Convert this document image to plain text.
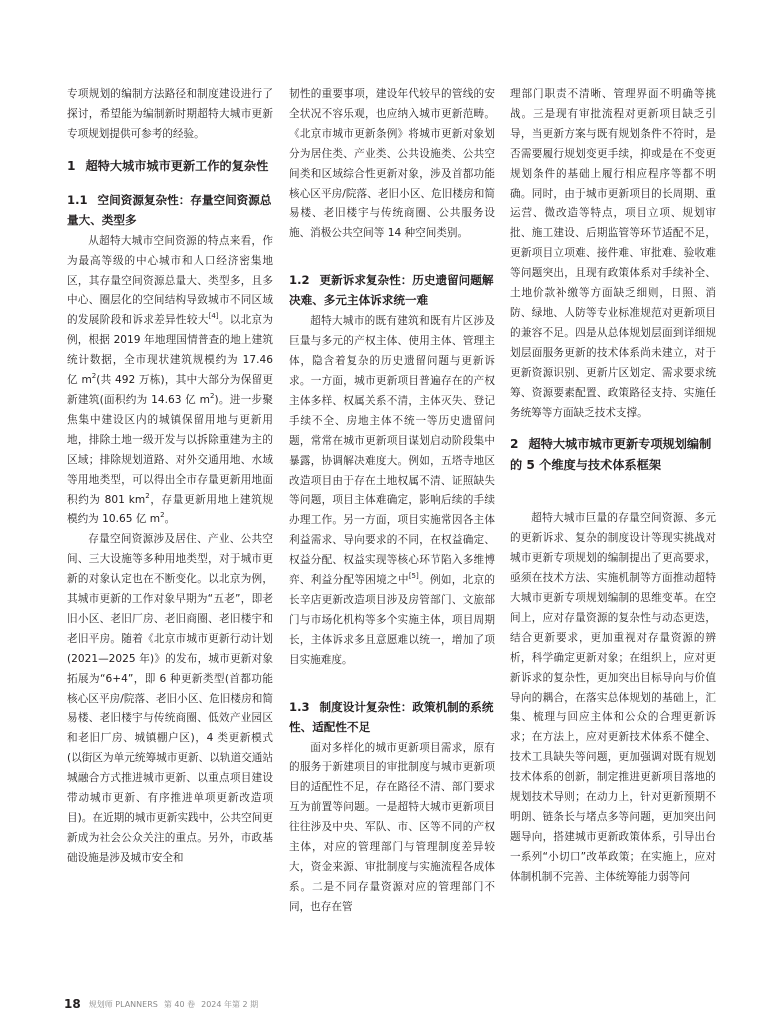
专项规划的编制方法路径和制度建设进行了探讨，希望能为编制新时期超特大城市更新专项规划提供可参考的经验。

1 超特大城市城市更新工作的复杂性
1.1 空间资源复杂性：存量空间资源总量大、类型多

从超特大城市空间资源的特点来看，作为最高等级的中心城市和人口经济密集地区，其存量空间资源总量大、类型多，且多中心、圈层化的空间结构导致城市不同区域的发展阶段和诉求差异性较大[4]。以北京为例，根据 2019 年地理国情普查的地上建筑统计数据，全市现状建筑规模约为 17.46 亿 $m^2$(共 492 万栋)，其中大部分为保留更新建筑(面积约为 14.63 亿 $m^2$)。进一步聚焦集中建设区内的城镇保留用地与更新用地，排除土地一级开发与以拆除重建为主的区域；排除规划道路、对外交通用地、水域等用地类型，可以得出全市存量更新用地面积约为 801 $km^2$，存量更新用地上建筑规模约为 10.65 亿 $m^2$。

存量空间资源涉及居住、产业、公共空间、三大设施等多种用地类型，对于城市更新的对象认定也在不断变化。以北京为例，其城市更新的工作对象早期为“五老”，即老旧小区、老旧厂房、老旧商圈、老旧楼宇和老旧平房。随着《北京市城市更新行动计划(2021—2025 年)》的发布，城市更新对象拓展为“6+4”，即 6 种更新类型(首都功能核心区平房/院落、老旧小区、危旧楼房和简易楼、老旧楼宇与传统商圈、低效产业园区和老旧厂房、城镇棚户区)，4 类更新模式(以街区为单元统筹城市更新、以轨道交通站城融合方式推进城市更新、以重点项目建设带动城市更新、有序推进单项更新改造项目)。在近期的城市更新实践中，公共空间更新成为社会公众关注的重点。另外，市政基础设施是涉及城市安全和

韧性的重要事项，建设年代较早的管线的安全状况不容乐观，也应纳入城市更新范畴。《北京市城市更新条例》将城市更新对象划分为居住类、产业类、公共设施类、公共空间类和区域综合性更新对象，涉及首都功能核心区平房/院落、老旧小区、危旧楼房和简易楼、老旧楼宇与传统商圈、公共服务设施、消极公共空间等 14 种空间类别。

1.2 更新诉求复杂性：历史遗留问题解决难、多元主体诉求统一难

超特大城市的既有建筑和既有片区涉及巨量与多元的产权主体、使用主体、管理主体，隐含着复杂的历史遗留问题与更新诉求。一方面，城市更新项目普遍存在的产权主体多样、权属关系不清，主体灭失、登记手续不全、房地主体不统一等历史遗留问题，常常在城市更新项目谋划启动阶段集中暴露，协调解决难度大。例如，五塔寺地区改造项目由于存在土地权属不清、证照缺失等问题，项目主体难确定，影响后续的手续办理工作。另一方面，项目实施常因各主体利益需求、导向要求的不同，在权益确定、权益分配、权益实现等核心环节陷入多维博弈、利益分配等困境之中[5]。例如，北京的长辛店更新改造项目涉及房管部门、文旅部门与市场化机构等多个实施主体，项目周期长，主体诉求多且意愿难以统一，增加了项目实施难度。

1.3 制度设计复杂性：政策机制的系统性、适配性不足

面对多样化的城市更新项目需求，原有的服务于新建项目的审批制度与城市更新项目的适配性不足，存在路径不清、部门要求互为前置等问题。一是超特大城市更新项目往往涉及中央、军队、市、区等不同的产权主体，对应的管理部门与管理制度差异较大，资金来源、审批制度与实施流程各成体系。二是不同存量资源对应的管理部门不同，也存在管

理部门职责不清晰、管理界面不明确等挑战。三是现有审批流程对更新项目缺乏引导，当更新方案与既有规划条件不符时，是否需要履行规划变更手续，抑或是在不变更规划条件的基础上履行相应程序等都不明确。同时，由于城市更新项目的长周期、重运营、微改造等特点，项目立项、规划审批、施工建设、后期监管等环节适配不足，更新项目立项难、接件难、审批难、验收难等问题突出，且现有政策体系对手续补全、土地价款补缴等方面缺乏细则，日照、消防、绿地、人防等专业标准规范对更新项目的兼容不足。四是从总体规划层面到详细规划层面服务更新的技术体系尚未建立，对于更新资源识别、更新片区划定、需求要求统筹、资源要素配置、政策路径支持、实施任务统筹等方面缺乏技术支撑。

2 超特大城市城市更新专项规划编制的 5 个维度与技术体系框架

超特大城市巨量的存量空间资源、多元的更新诉求、复杂的制度设计等现实挑战对城市更新专项规划的编制提出了更高要求，亟须在技术方法、实施机制等方面推动超特大城市更新专项规划编制的思维变革。在空间上，应对存量资源的复杂性与动态更迭，结合更新要求，更加重视对存量资源的辨析，科学确定更新对象；在组织上，应对更新诉求的复杂性，更加突出目标导向与价值导向的耦合，在落实总体规划的基础上，汇集、梳理与回应主体和公众的合理更新诉求；在方法上，应对更新技术体系不健全、技术工具缺失等问题，更加强调对既有规划技术体系的创新，制定推进更新项目落地的规划技术导则；在动力上，针对更新预期不明朗、链条长与堵点多等问题，更加突出问题导向，搭建城市更新政策体系，引导出台一系列“小切口”改革政策；在实施上，应对体制机制不完善、主体统筹能力弱等问

18 规划师 PLANNERS 第 40 卷 2024 年第 2 期
